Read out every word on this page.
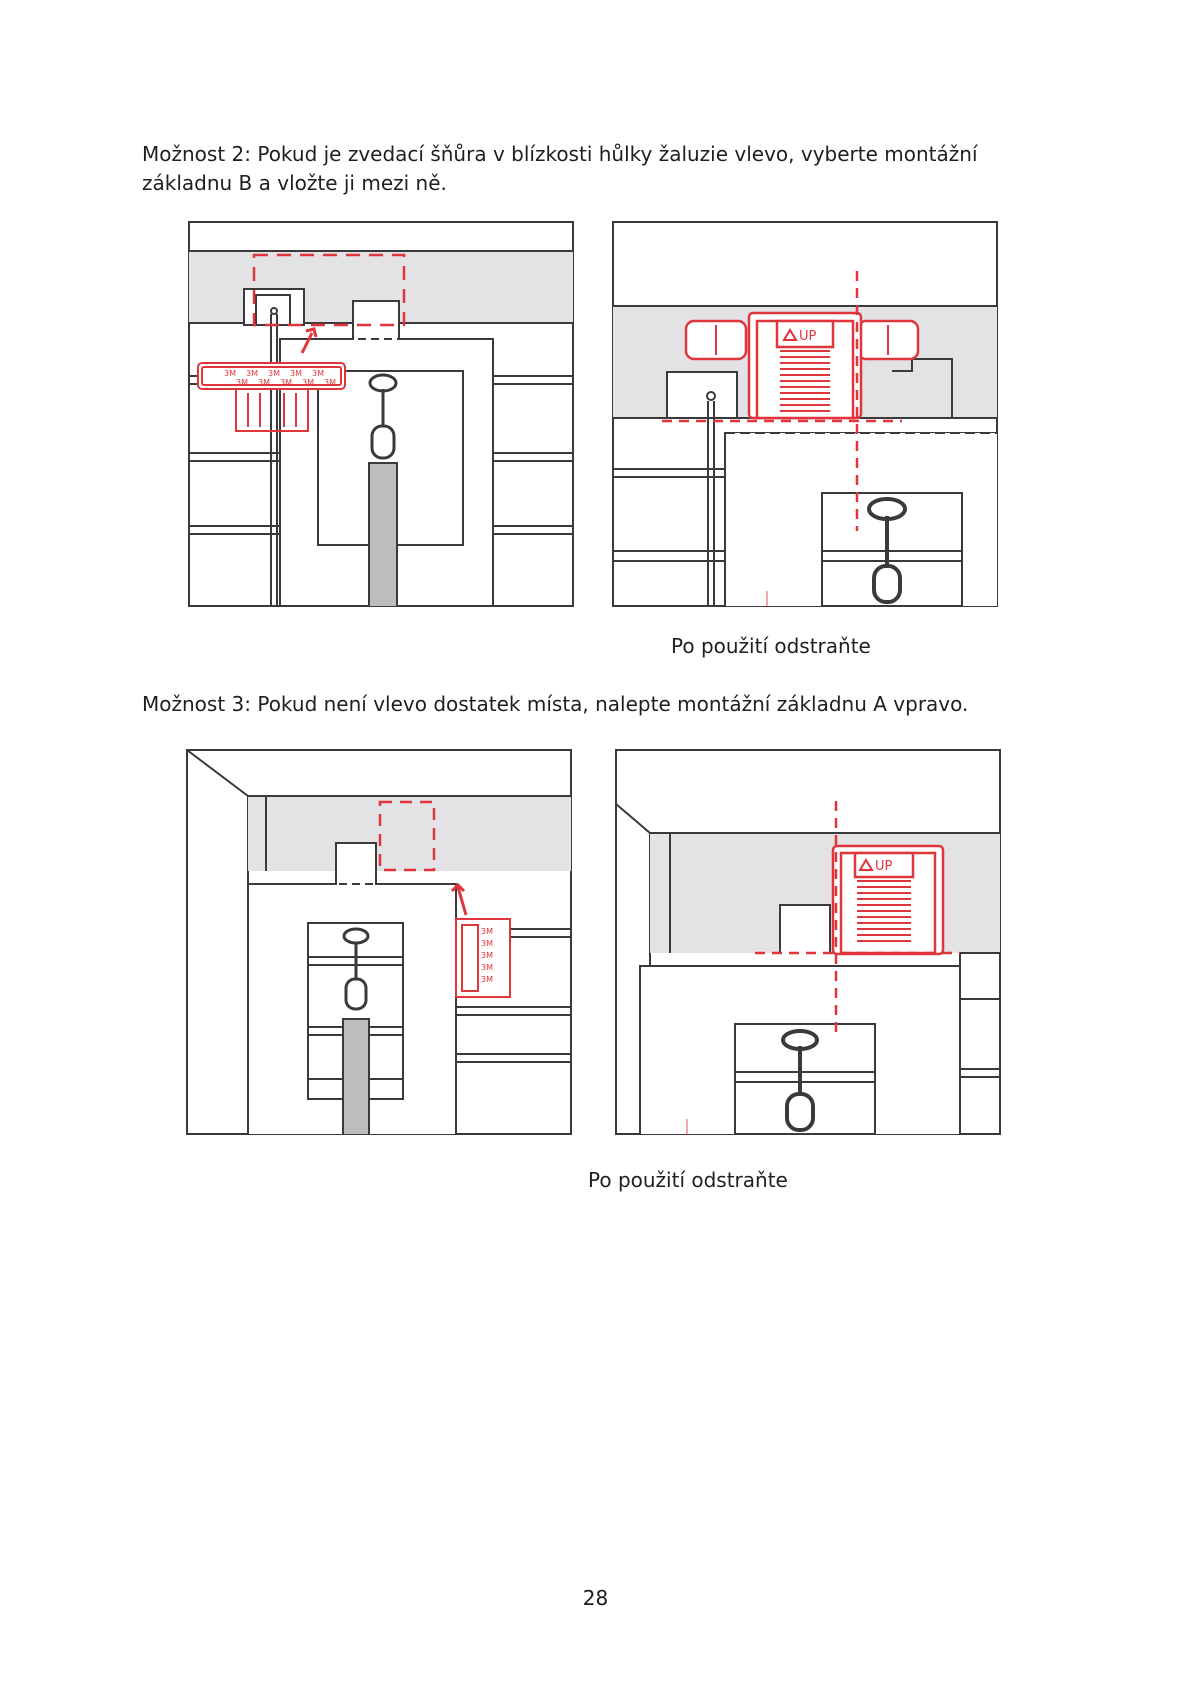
Možnost 2: Pokud je zvedací šňůra v blízkosti hůlky žaluzie vlevo, vyberte montážní základnu B a vložte ji mezi ně.

3M 3M 3M 3M 3M
3M 3M 3M 3M 3M
UP
Po použití odstraňte

Možnost 3: Pokud není vlevo dostatek místa, nalepte montážní základnu A vpravo.

3M
3M
3M
3M
3M
UP
Po použití odstraňte
28
